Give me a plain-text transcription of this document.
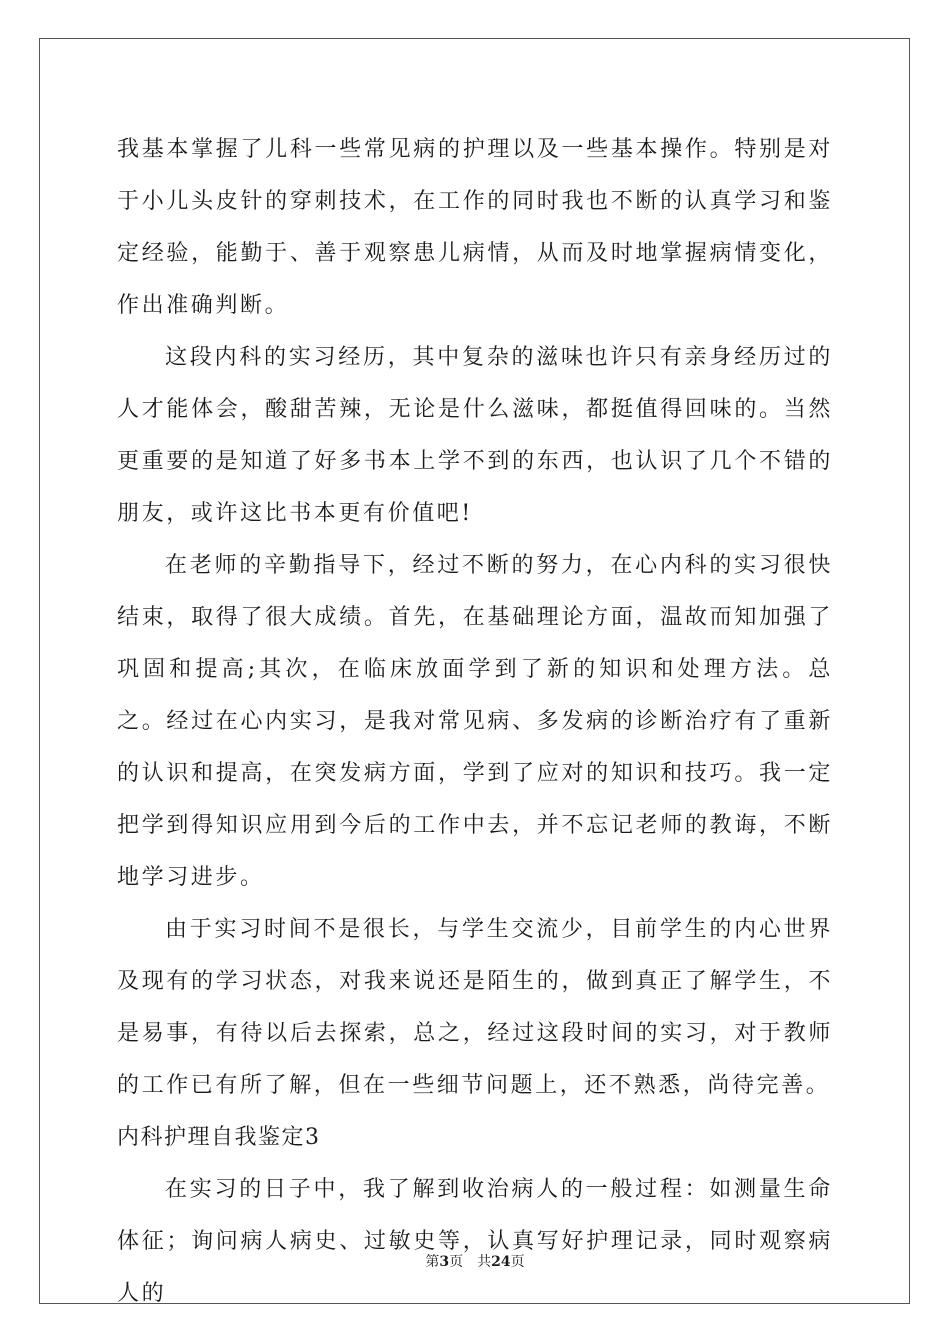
我基本掌握了儿科一些常见病的护理以及一些基本操作。特别是对于小儿头皮针的穿刺技术，在工作的同时我也不断的认真学习和鉴定经验，能勤于、善于观察患儿病情，从而及时地掌握病情变化，作出准确判断。

这段内科的实习经历，其中复杂的滋味也许只有亲身经历过的人才能体会，酸甜苦辣，无论是什么滋味，都挺值得回味的。当然更重要的是知道了好多书本上学不到的东西，也认识了几个不错的朋友，或许这比书本更有价值吧!

在老师的辛勤指导下，经过不断的努力，在心内科的实习很快结束，取得了很大成绩。首先，在基础理论方面，温故而知加强了巩固和提高;其次，在临床放面学到了新的知识和处理方法。总之。经过在心内实习，是我对常见病、多发病的诊断治疗有了重新的认识和提高，在突发病方面，学到了应对的知识和技巧。我一定把学到得知识应用到今后的工作中去，并不忘记老师的教诲，不断地学习进步。

由于实习时间不是很长，与学生交流少，目前学生的内心世界及现有的学习状态，对我来说还是陌生的，做到真正了解学生，不是易事，有待以后去探索，总之，经过这段时间的实习，对于教师的工作已有所了解，但在一些细节问题上，还不熟悉，尚待完善。

内科护理自我鉴定3

在实习的日子中，我了解到收治病人的一般过程：如测量生命体征；询问病人病史、过敏史等，认真写好护理记录，同时观察病人的

第3页 共24页
